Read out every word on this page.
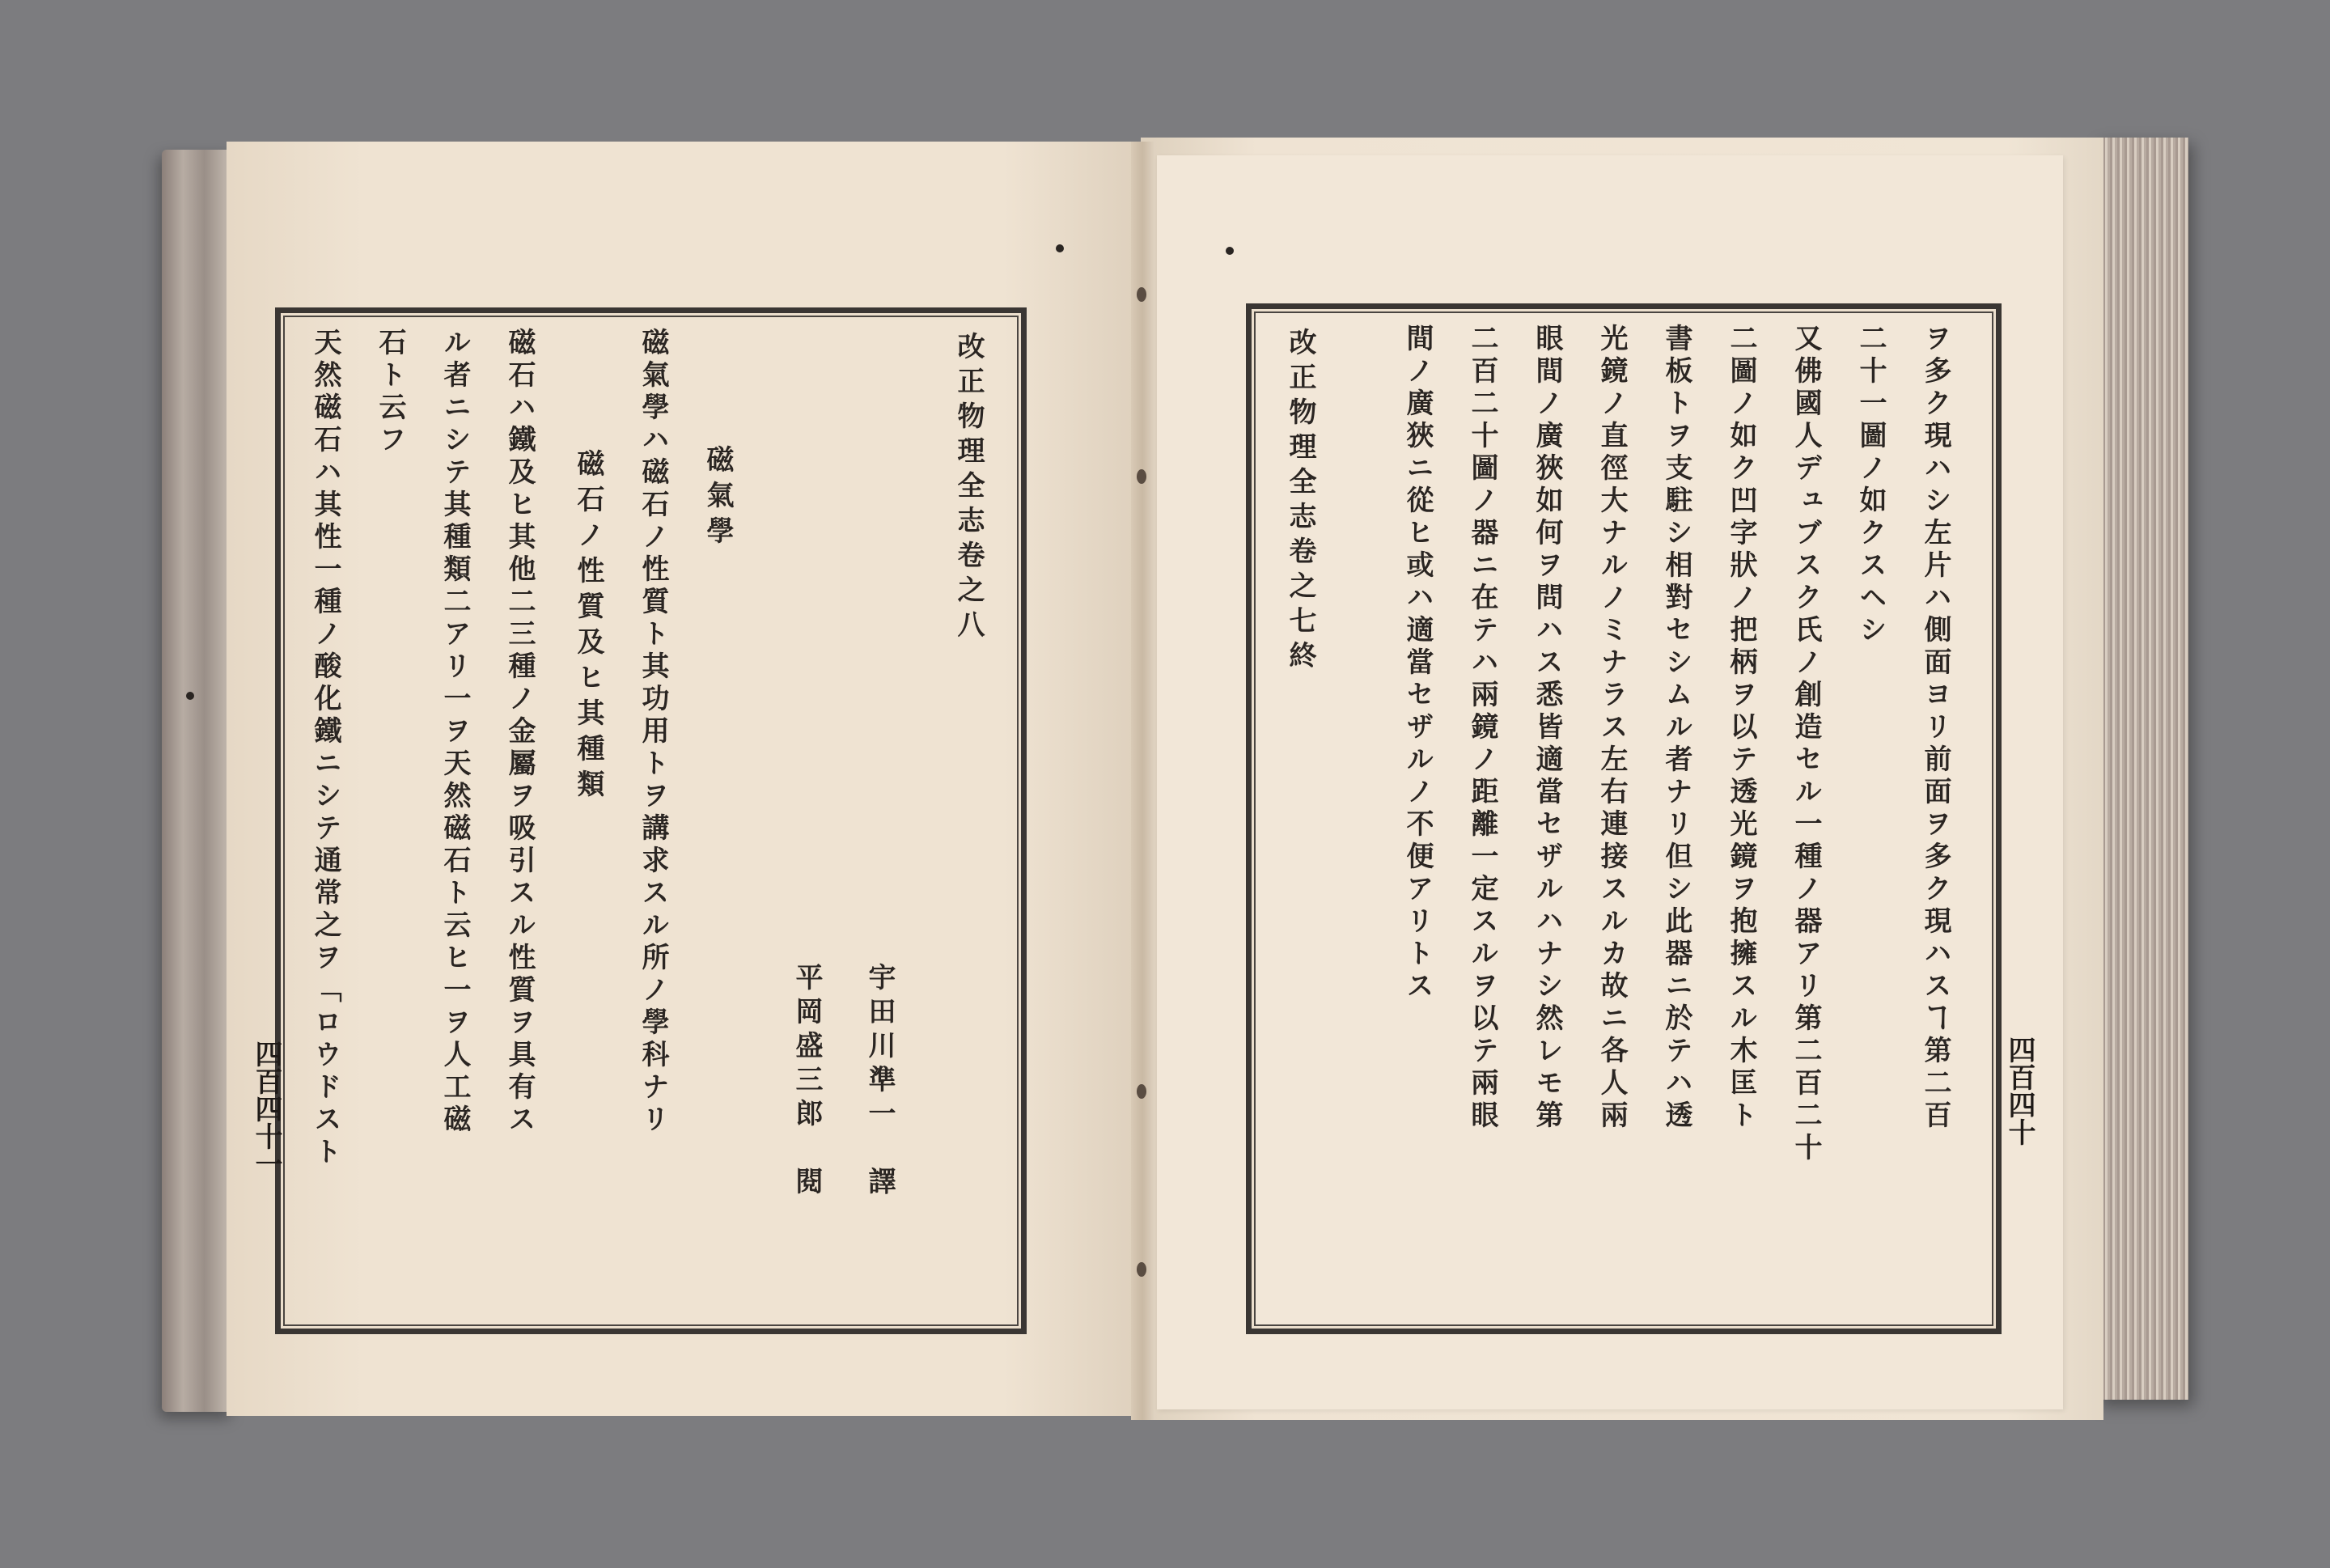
改正物理全志卷之八
宇田川準一　譯
平岡盛三郎　閱
磁氣學
磁氣學ハ磁石ノ性質ト其功用トヲ講求スル所ノ學科ナリ
磁石ノ性質及ヒ其種類
磁石ハ鐵及ヒ其他二三種ノ金屬ヲ吸引スル性質ヲ具有ス
ル者ニシテ其種類二アリ一ヲ天然磁石ト云ヒ一ヲ人工磁
石ト云フ
天然磁石ハ其性一種ノ酸化鐵ニシテ通常之ヲ「ロウドスト
四百四十一	ヲ多ク現ハシ左片ハ側面ヨリ前面ヲ多ク現ハスヿ第二百
二十一圖ノ如クスヘシ
又佛國人デュブスク氏ノ創造セル一種ノ器アリ第二百二十
二圖ノ如ク凹字狀ノ把柄ヲ以テ透光鏡ヲ抱擁スル木匡ト
書板トヲ支駐シ相對セシムル者ナリ但シ此器ニ於テハ透
光鏡ノ直徑大ナルノミナラス左右連接スルカ故ニ各人兩
眼間ノ廣狹如何ヲ問ハス悉皆適當セザルハナシ然レモ第
二百二十圖ノ器ニ在テハ兩鏡ノ距離一定スルヲ以テ兩眼
間ノ廣狹ニ從ヒ或ハ適當セザルノ不便アリトス
改正物理全志卷之七終
四百四十
